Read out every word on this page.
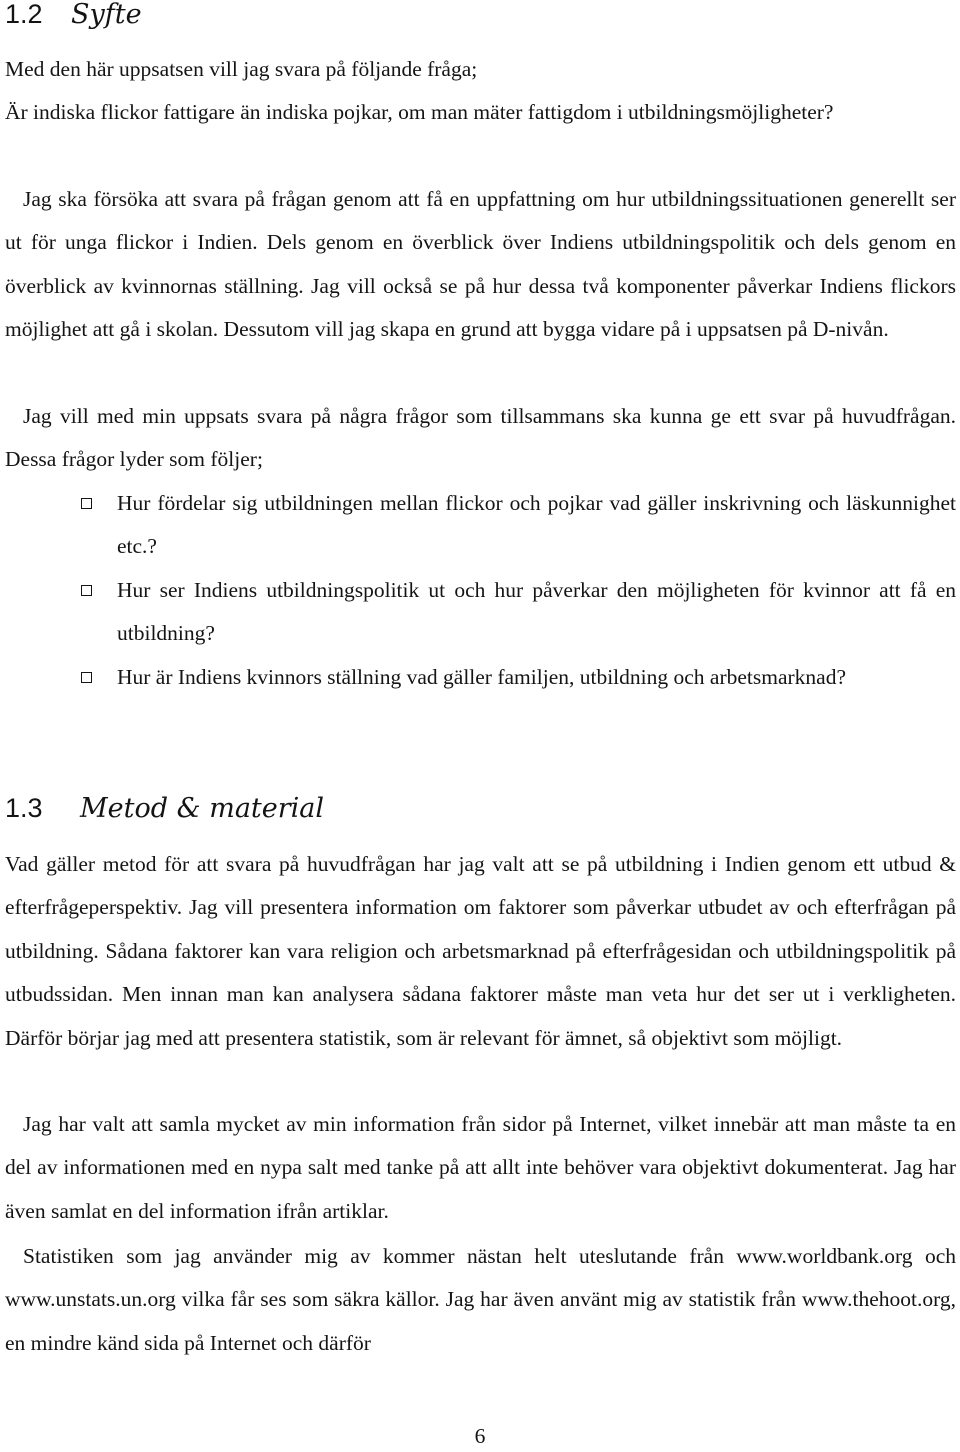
1.2 Syfte

Med den här uppsatsen vill jag svara på följande fråga;

Är indiska flickor fattigare än indiska pojkar, om man mäter fattigdom i utbildningsmöjligheter?

Jag ska försöka att svara på frågan genom att få en uppfattning om hur utbildningssituationen generellt ser ut för unga flickor i Indien. Dels genom en överblick över Indiens utbildningspolitik och dels genom en överblick av kvinnornas ställning. Jag vill också se på hur dessa två komponenter påverkar Indiens flickors möjlighet att gå i skolan. Dessutom vill jag skapa en grund att bygga vidare på i uppsatsen på D-nivån.

Jag vill med min uppsats svara på några frågor som tillsammans ska kunna ge ett svar på huvudfrågan. Dessa frågor lyder som följer;

Hur fördelar sig utbildningen mellan flickor och pojkar vad gäller inskrivning och läskunnighet etc.?

Hur ser Indiens utbildningspolitik ut och hur påverkar den möjligheten för kvinnor att få en utbildning?

Hur är Indiens kvinnors ställning vad gäller familjen, utbildning och arbetsmarknad?

1.3 Metod & material

Vad gäller metod för att svara på huvudfrågan har jag valt att se på utbildning i Indien genom ett utbud & efterfrågeperspektiv. Jag vill presentera information om faktorer som påverkar utbudet av och efterfrågan på utbildning. Sådana faktorer kan vara religion och arbetsmarknad på efterfrågesidan och utbildningspolitik på utbudssidan. Men innan man kan analysera sådana faktorer måste man veta hur det ser ut i verkligheten. Därför börjar jag med att presentera statistik, som är relevant för ämnet, så objektivt som möjligt.

Jag har valt att samla mycket av min information från sidor på Internet, vilket innebär att man måste ta en del av informationen med en nypa salt med tanke på att allt inte behöver vara objektivt dokumenterat. Jag har även samlat en del information ifrån artiklar.

Statistiken som jag använder mig av kommer nästan helt uteslutande från www.worldbank.org och www.unstats.un.org vilka får ses som säkra källor. Jag har även använt mig av statistik från www.thehoot.org, en mindre känd sida på Internet och därför

6
